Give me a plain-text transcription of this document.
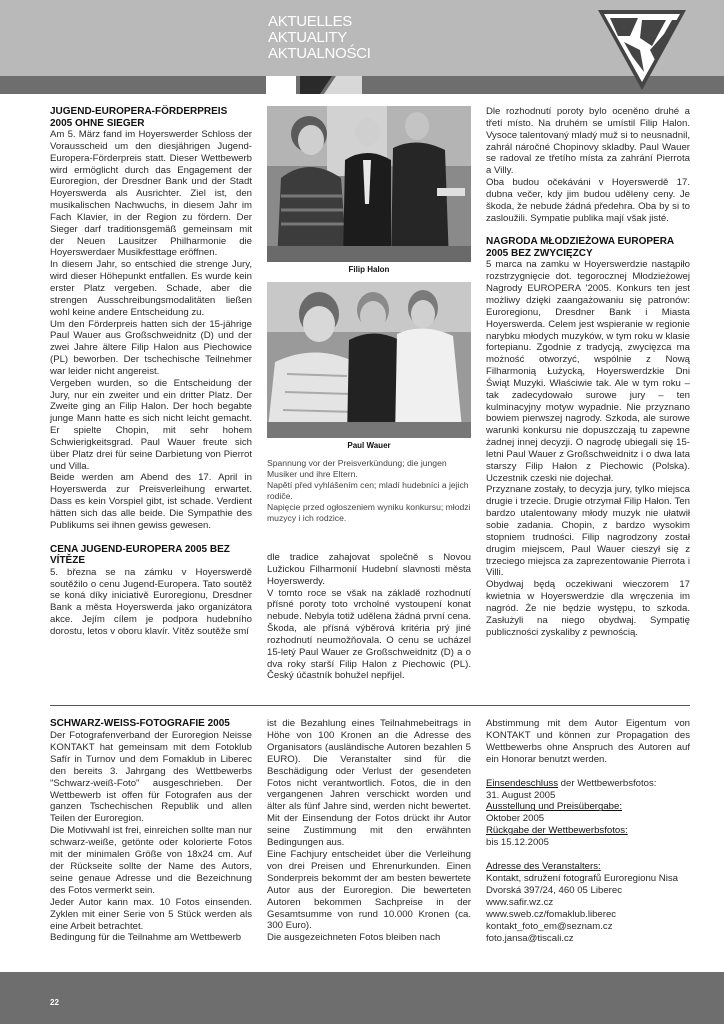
AKTUELLES
AKTUALITY
AKTUALNOŚCI
JUGEND-EUROPERA-FÖRDERPREIS 2005 OHNE SIEGER

Am 5. März fand im Hoyerswerder Schloss der Vorausscheid um den diesjährigen Jugend-Europera-Förderpreis statt. Dieser Wettbewerb wird ermöglicht durch das Engagement der Euroregion, der Dresdner Bank und der Stadt Hoyerswerda als Ausrichter. Ziel ist, den musikalischen Nachwuchs, in diesem Jahr im Fach Klavier, in der Region zu fördern. Der Sieger darf traditionsgemäß gemeinsam mit der Neuen Lausitzer Philharmonie die Hoyerswerdaer Musikfesttage eröffnen.

In diesem Jahr, so entschied die strenge Jury, wird dieser Höhepunkt entfallen. Es wurde kein erster Platz vergeben. Schade, aber die strengen Ausschreibungsmodalitäten ließen wohl keine andere Entscheidung zu.

Um den Förderpreis hatten sich der 15-jährige Paul Wauer aus Großschweidnitz (D) und der zwei Jahre ältere Filip Halon aus Piechowice (PL) beworben. Der tschechische Teilnehmer war leider nicht angereist.

Vergeben wurden, so die Entscheidung der Jury, nur ein zweiter und ein dritter Platz. Der Zweite ging an Filip Halon. Der hoch begabte junge Mann hatte es sich nicht leicht gemacht. Er spielte Chopin, mit sehr hohem Schwierigkeitsgrad. Paul Wauer freute sich über Platz drei für seine Darbietung von Pierrot und Villa.

Beide werden am Abend des 17. April in Hoyerswerda zur Preisverleihung erwartet. Dass es kein Vorspiel gibt, ist schade. Verdient hätten sich das alle beide. Die Sympathie des Publikums sei ihnen gewiss gewesen.

CENA JUGEND-EUROPERA 2005 BEZ VÍTĚZE

5. března se na zámku v Hoyerswerdě soutěžilo o cenu Jugend-Europera. Tato soutěž se koná díky iniciativě Euroregionu, Dresdner Bank a města Hoyerswerda jako organizátora akce. Jejím cílem je podpora hudebního dorostu, letos v oboru klavír. Vítěz soutěže smí

Filip Halon
Paul Wauer

Spannung vor der Preisverkündung; die jungen Musiker und ihre Eltern.

Napětí před vyhlášením cen; mladí hudebníci a jejich rodiče.

Napięcie przed ogłoszeniem wyniku konkursu; młodzi muzycy i ich rodzice.

dle tradice zahajovat společně s Novou Lužickou Filharmonií Hudební slavnosti města Hoyerswerdy.

V tomto roce se však na základě rozhodnutí přísné poroty toto vrcholné vystoupení konat nebude. Nebyla totiž udělena žádná první cena. Škoda, ale přísná výběrová kritéria prý jiné rozhodnutí neumožňovala. O cenu se ucházel 15-letý Paul Wauer ze Großschweidnitz (D) a o dva roky starší Filip Halon z Piechowic (PL). Český účastník bohužel nepřijel.

Dle rozhodnutí poroty bylo oceněno druhé a třetí místo. Na druhém se umístil Filip Halon. Vysoce talentovaný mladý muž si to neusnadnil, zahrál náročné Chopinovy skladby. Paul Wauer se radoval ze třetího místa za zahrání Pierrota a Villy.

Oba budou očekáváni v Hoyerswerdě 17. dubna večer, kdy jim budou uděleny ceny. Je škoda, že nebude žádná předehra. Oba by si to zasloužili. Sympatie publika mají však jisté.

NAGRODA MŁODZIEŻOWA EUROPERA 2005 BEZ ZWYCIĘZCY

5 marca na zamku w Hoyerswerdzie nastąpiło rozstrzygnięcie dot. tegorocznej Młodzieżowej Nagrody EUROPERA '2005. Konkurs ten jest możliwy dzięki zaangażowaniu się patronów: Euroregionu, Dresdner Bank i Miasta Hoyerswerda. Celem jest wspieranie w regionie narybku młodych muzyków, w tym roku w klasie fortepianu. Zgodnie z tradycją, zwycięzca ma możność otworzyć, wspólnie z Nową Filharmonią Łużycką, Hoyerswerdzkie Dni Świąt Muzyki. Właściwie tak. Ale w tym roku – tak zadecydowało surowe jury – ten kulminacyjny motyw wypadnie. Nie przyznano bowiem pierwszej nagrody. Szkoda, ale surowe warunki konkursu nie dopuszczają tu zapewne żadnej innej decyzji. O nagrodę ubiegali się 15-letni Paul Wauer z Großschweidnitz i o dwa lata starszy Filip Hałon z Piechowic (Polska). Uczestnik czeski nie dojechał.

Przyznane zostały, to decyzja jury, tylko miejsca drugie i trzecie. Drugie otrzymał Filip Hałon. Ten bardzo utalentowany młody muzyk nie ułatwił sobie zadania. Chopin, z bardzo wysokim stopniem trudności. Filip nagrodzony został drugim miejscem, Paul Wauer cieszył się z trzeciego miejsca za zaprezentowanie Pierrota i Villi.

Obydwaj będą oczekiwani wieczorem 17 kwietnia w Hoyerswerdzie dla wręczenia im nagród. Że nie będzie występu, to szkoda. Zasłużyli na niego obydwaj. Sympatię publiczności zyskaliby z pewnością.

SCHWARZ-WEISS-FOTOGRAFIE 2005

Der Fotografenverband der Euroregion Neisse KONTAKT hat gemeinsam mit dem Fotoklub Safír in Turnov und dem Fomaklub in Liberec den bereits 3. Jahrgang des Wettbewerbs "Schwarz-weiß-Foto" ausgeschrieben. Der Wettbewerb ist offen für Fotografen aus der ganzen Tschechischen Republik und allen Teilen der Euroregion.

Die Motivwahl ist frei, einreichen sollte man nur schwarz-weiße, getönte oder kolorierte Fotos mit der minimalen Größe von 18x24 cm. Auf der Rückseite sollte der Name des Autors, seine genaue Adresse und die Bezeichnung des Fotos vermerkt sein.

Jeder Autor kann max. 10 Fotos einsenden. Zyklen mit einer Serie von 5 Stück werden als eine Arbeit betrachtet.

Bedingung für die Teilnahme am Wettbewerb

ist die Bezahlung eines Teilnahmebeitrags in Höhe von 100 Kronen an die Adresse des Organisators (ausländische Autoren bezahlen 5 EURO). Die Veranstalter sind für die Beschädigung oder Verlust der gesendeten Fotos nicht verantwortlich. Fotos, die in den vergangenen Jahren verschickt worden und älter als fünf Jahre sind, werden nicht bewertet. Mit der Einsendung der Fotos drückt ihr Autor seine Zustimmung mit den erwähnten Bedingungen aus.

Eine Fachjury entscheidet über die Verleihung von drei Preisen und Ehrenurkunden. Einen Sonderpreis bekommt der am besten bewertete Autor aus der Euroregion. Die bewerteten Autoren bekommen Sachpreise in der Gesamtsumme von rund 10.000 Kronen (ca. 300 Euro).

Die ausgezeichneten Fotos bleiben nach

Abstimmung mit dem Autor Eigentum von KONTAKT und können zur Propagation des Wettbewerbs ohne Anspruch des Autoren auf ein Honorar benutzt werden.

Einsendeschluss der Wettbewerbsfotos:

31. August 2005

Ausstellung und Preisübergabe:

Oktober 2005

Rückgabe der Wettbewerbsfotos:

bis 15.12.2005

Adresse des Veranstalters:

Kontakt, sdružení fotografů Euroregionu Nisa

Dvorská 397/24, 460 05 Liberec

www.safir.wz.cz

www.sweb.cz/fomaklub.liberec

kontakt_foto_em@seznam.cz

foto.jansa@tiscali.cz

22
